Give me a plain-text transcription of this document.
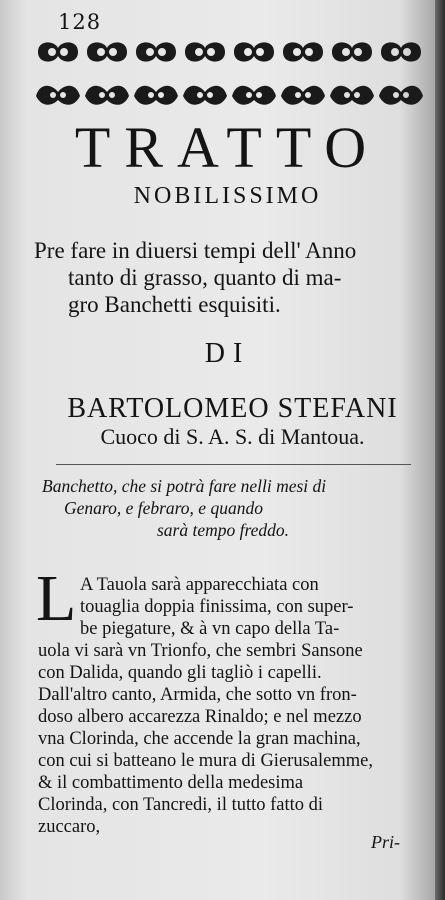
128
TRATTO
NOBILISSIMO
Pre fare in diuersi tempi dell' Anno
tanto di grasso, quanto di ma-
gro Banchetti esquisiti.
DI
BARTOLOMEO STEFANI
Cuoco di S. A. S. di Mantoua.
Banchetto, che si potrà fare nelli mesi di
Genaro, e febraro, e quando
sarà tempo freddo.
L A Tauola sarà apparecchiata con
touaglia doppia finissima, con super-
be piegature, & à vn capo della Ta-
uola vi sarà vn Trionfo, che sembri Sansone
con Dalida, quando gli tagliò i capelli.
Dall'altro canto, Armida, che sotto vn fron-
doso albero accarezza Rinaldo; e nel mezzo
vna Clorinda, che accende la gran machina,
con cui si batteano le mura di Gierusalemme,
& il combattimento della medesima
Clorinda, con Tancredi, il tutto fatto di
zuccaro,
Pri-
